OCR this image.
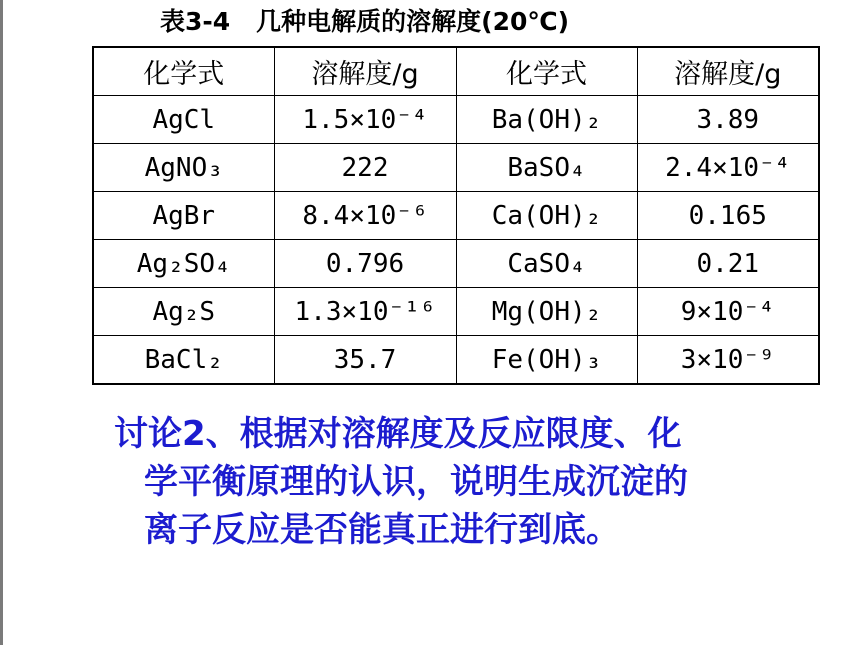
表3-4 几种电解质的溶解度(20℃)
化学式	溶解度/g	化学式	溶解度/g
AgCl	1.5×10⁻⁴	Ba(OH)₂	3.89
AgNO₃	222	BaSO₄	2.4×10⁻⁴
AgBr	8.4×10⁻⁶	Ca(OH)₂	0.165
Ag₂SO₄	0.796	CaSO₄	0.21
Ag₂S	1.3×10⁻¹⁶	Mg(OH)₂	9×10⁻⁴
BaCl₂	35.7	Fe(OH)₃	3×10⁻⁹
讨论2、根据对溶解度及反应限度、化
学平衡原理的认识，说明生成沉淀的
离子反应是否能真正进行到底。
